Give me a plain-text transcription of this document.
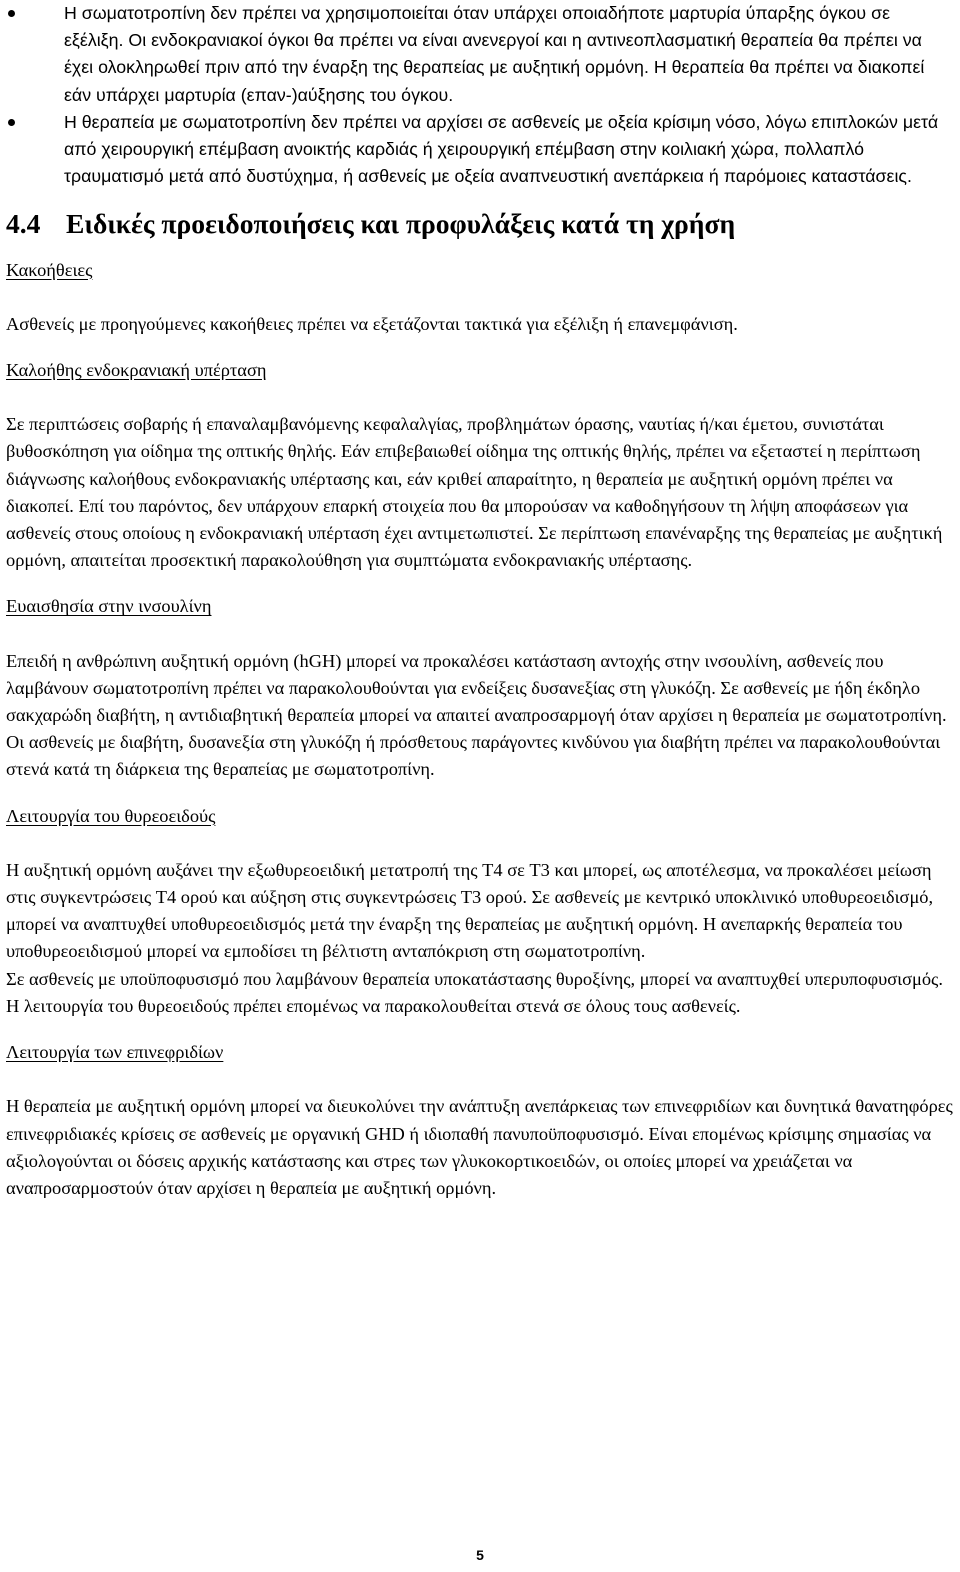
Η σωματοτροπίνη δεν πρέπει να χρησιμοποιείται όταν υπάρχει οποιαδήποτε μαρτυρία ύπαρξης όγκου σε εξέλιξη. Οι ενδοκρανιακοί όγκοι θα πρέπει να είναι ανενεργοί και η αντινεοπλασματική θεραπεία θα πρέπει να έχει ολοκληρωθεί πριν από την έναρξη της θεραπείας με αυξητική ορμόνη. Η θεραπεία θα πρέπει να διακοπεί εάν υπάρχει μαρτυρία (επαν-)αύξησης του όγκου.
Η θεραπεία με σωματοτροπίνη δεν πρέπει να αρχίσει σε ασθενείς με οξεία κρίσιμη νόσο, λόγω επιπλοκών μετά από χειρουργική επέμβαση ανοικτής καρδιάς ή χειρουργική επέμβαση στην κοιλιακή χώρα, πολλαπλό τραυματισμό μετά από δυστύχημα, ή ασθενείς με οξεία αναπνευστική ανεπάρκεια ή παρόμοιες καταστάσεις.
4.4 Ειδικές προειδοποιήσεις και προφυλάξεις κατά τη χρήση

Κακοήθειες

Ασθενείς με προηγούμενες κακοήθειες πρέπει να εξετάζονται τακτικά για εξέλιξη ή επανεμφάνιση.

Καλοήθης ενδοκρανιακή υπέρταση

Σε περιπτώσεις σοβαρής ή επαναλαμβανόμενης κεφαλαλγίας, προβλημάτων όρασης, ναυτίας ή/και έμετου, συνιστάται βυθοσκόπηση για οίδημα της οπτικής θηλής. Εάν επιβεβαιωθεί οίδημα της οπτικής θηλής, πρέπει να εξεταστεί η περίπτωση διάγνωσης καλοήθους ενδοκρανιακής υπέρτασης και, εάν κριθεί απαραίτητο, η θεραπεία με αυξητική ορμόνη πρέπει να διακοπεί. Επί του παρόντος, δεν υπάρχουν επαρκή στοιχεία που θα μπορούσαν να καθοδηγήσουν τη λήψη αποφάσεων για ασθενείς στους οποίους η ενδοκρανιακή υπέρταση έχει αντιμετωπιστεί. Σε περίπτωση επανέναρξης της θεραπείας με αυξητική ορμόνη, απαιτείται προσεκτική παρακολούθηση για συμπτώματα ενδοκρανιακής υπέρτασης.

Ευαισθησία στην ινσουλίνη

Επειδή η ανθρώπινη αυξητική ορμόνη (hGH) μπορεί να προκαλέσει κατάσταση αντοχής στην ινσουλίνη, ασθενείς που λαμβάνουν σωματοτροπίνη πρέπει να παρακολουθούνται για ενδείξεις δυσανεξίας στη γλυκόζη. Σε ασθενείς με ήδη έκδηλο σακχαρώδη διαβήτη, η αντιδιαβητική θεραπεία μπορεί να απαιτεί αναπροσαρμογή όταν αρχίσει η θεραπεία με σωματοτροπίνη. Οι ασθενείς με διαβήτη, δυσανεξία στη γλυκόζη ή πρόσθετους παράγοντες κινδύνου για διαβήτη πρέπει να παρακολουθούνται στενά κατά τη διάρκεια της θεραπείας με σωματοτροπίνη.

Λειτουργία του θυρεοειδούς

Η αυξητική ορμόνη αυξάνει την εξωθυρεοειδική μετατροπή της T4 σε T3 και μπορεί, ως αποτέλεσμα, να προκαλέσει μείωση στις συγκεντρώσεις T4 ορού και αύξηση στις συγκεντρώσεις T3 ορού. Σε ασθενείς με κεντρικό υποκλινικό υποθυρεοειδισμό, μπορεί να αναπτυχθεί υποθυρεοειδισμός μετά την έναρξη της θεραπείας με αυξητική ορμόνη. Η ανεπαρκής θεραπεία του υποθυρεοειδισμού μπορεί να εμποδίσει τη βέλτιστη ανταπόκριση στη σωματοτροπίνη.

Σε ασθενείς με υποϋποφυσισμό που λαμβάνουν θεραπεία υποκατάστασης θυροξίνης, μπορεί να αναπτυχθεί υπερυποφυσισμός. Η λειτουργία του θυρεοειδούς πρέπει επομένως να παρακολουθείται στενά σε όλους τους ασθενείς.

Λειτουργία των επινεφριδίων

Η θεραπεία με αυξητική ορμόνη μπορεί να διευκολύνει την ανάπτυξη ανεπάρκειας των επινεφριδίων και δυνητικά θανατηφόρες επινεφριδιακές κρίσεις σε ασθενείς με οργανική GHD ή ιδιοπαθή πανυποϋποφυσισμό. Είναι επομένως κρίσιμης σημασίας να αξιολογούνται οι δόσεις αρχικής κατάστασης και στρες των γλυκοκορτικοειδών, οι οποίες μπορεί να χρειάζεται να αναπροσαρμοστούν όταν αρχίσει η θεραπεία με αυξητική ορμόνη.

5
